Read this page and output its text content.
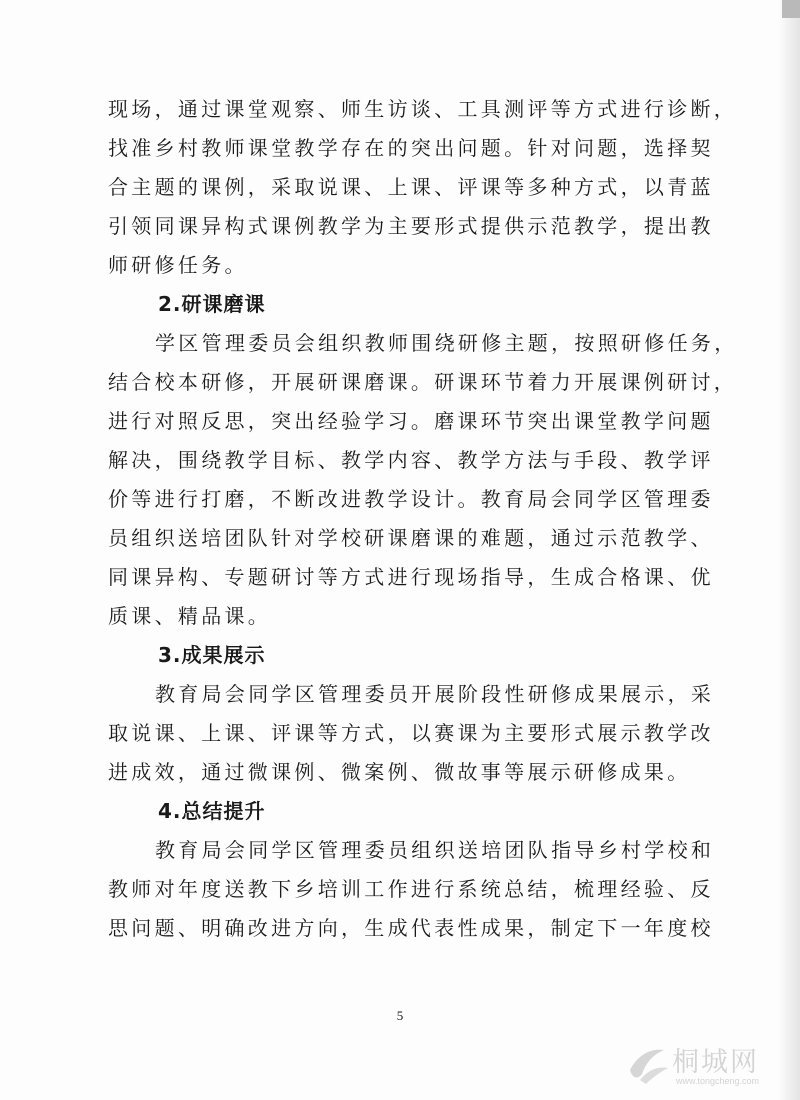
现场，通过课堂观察、师生访谈、工具测评等方式进行诊断，

找准乡村教师课堂教学存在的突出问题。针对问题，选择契

合主题的课例，采取说课、上课、评课等多种方式，以青蓝

引领同课异构式课例教学为主要形式提供示范教学，提出教

师研修任务。

2.研课磨课

学区管理委员会组织教师围绕研修主题，按照研修任务，

结合校本研修，开展研课磨课。研课环节着力开展课例研讨，

进行对照反思，突出经验学习。磨课环节突出课堂教学问题

解决，围绕教学目标、教学内容、教学方法与手段、教学评

价等进行打磨，不断改进教学设计。教育局会同学区管理委

员组织送培团队针对学校研课磨课的难题，通过示范教学、

同课异构、专题研讨等方式进行现场指导，生成合格课、优

质课、精品课。

3.成果展示

教育局会同学区管理委员开展阶段性研修成果展示，采

取说课、上课、评课等方式，以赛课为主要形式展示教学改

进成效，通过微课例、微案例、微故事等展示研修成果。

4.总结提升

教育局会同学区管理委员组织送培团队指导乡村学校和

教师对年度送教下乡培训工作进行系统总结，梳理经验、反

思问题、明确改进方向，生成代表性成果，制定下一年度校

5
桐城网
www.tongcheng.com
